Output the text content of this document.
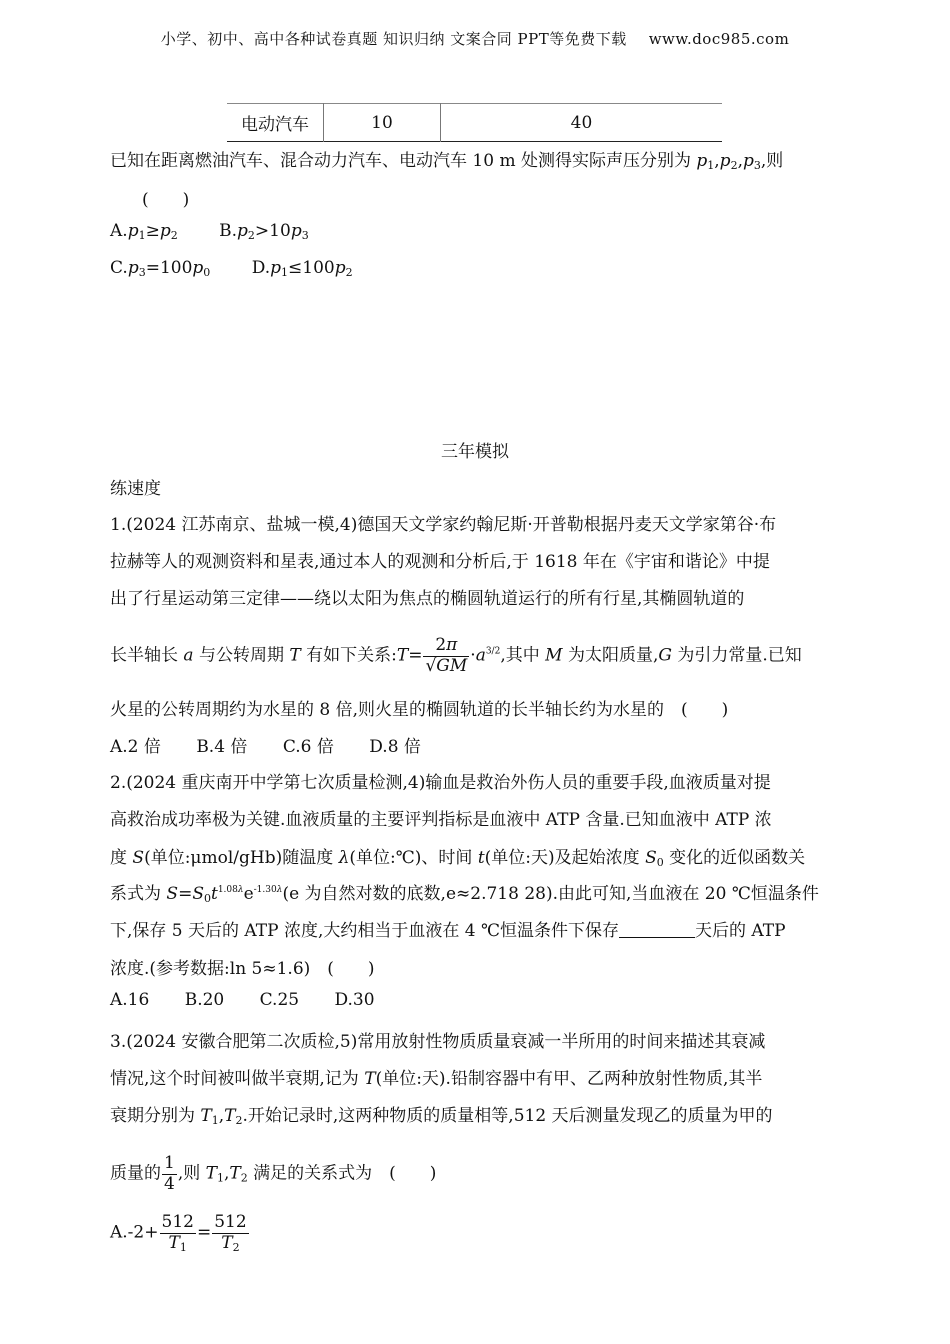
小学、初中、高中各种试卷真题 知识归纳 文案合同 PPT等免费下载 www.doc985.com
电动汽车	10	40
已知在距离燃油汽车、混合动力汽车、电动汽车 10 m 处测得实际声压分别为 $p_1,p_2,p_3$,则
(　　)
$A.p_1\ge p_2$ $B.p_2>10p_3$
$C.p_3=100p_0$ $D.p_1\le 100p_2$
三年模拟
练速度
1.(2024 江苏南京、盐城一模,4)德国天文学家约翰尼斯·开普勒根据丹麦天文学家第谷·布
拉赫等人的观测资料和星表,通过本人的观测和分析后,于 1618 年在《宇宙和谐论》中提
出了行星运动第三定律——绕以太阳为焦点的椭圆轨道运行的所有行星,其椭圆轨道的
长半轴长 a 与公转周期 T 有如下关系:T= $\frac{2\pi}{√GM} \cdot a^{3/2}$,其中 M 为太阳质量,G 为引力常量.已知
火星的公转周期约为水星的 8 倍,则火星的椭圆轨道的长半轴长约为水星的　(　　)
A.2 倍 B.4 倍 C.6 倍 D.8 倍
2.(2024 重庆南开中学第七次质量检测,4)输血是救治外伤人员的重要手段,血液质量对提
高救治成功率极为关键.血液质量的主要评判指标是血液中 ATP 含量.已知血液中 ATP 浓
度 S(单位:μmol/gHb)随温度 λ(单位:℃)、时间 t(单位:天)及起始浓度 $S_0$ 变化的近似函数关
系式为 $S=S_0t^{1.08\lambda}e^{-1.30\lambda}(e$ 为自然对数的底数,e≈2.718 28).由此可知,当血液在 20 ℃恒温条件
下,保存 5 天后的 ATP 浓度,大约相当于血液在 4 ℃恒温条件下保存	天后的 ATP
浓度.(参考数据:ln 5≈1.6)　(　　)
A.16 B.20 C.25 D.30
3.(2024 安徽合肥第二次质检,5)常用放射性物质质量衰减一半所用的时间来描述其衰减
情况,这个时间被叫做半衰期,记为 T(单位:天).铅制容器中有甲、乙两种放射性物质,其半
衰期分别为 $T_1,T_2$.开始记录时,这两种物质的质量相等,512 天后测量发现乙的质量为甲的
质量的 $\frac{1}{4}$ ,则 $T_1,T_2$ 满足的关系式为　(　　)
$A.-2+ \frac{512}{T_1} = \frac{512}{T_2}$
